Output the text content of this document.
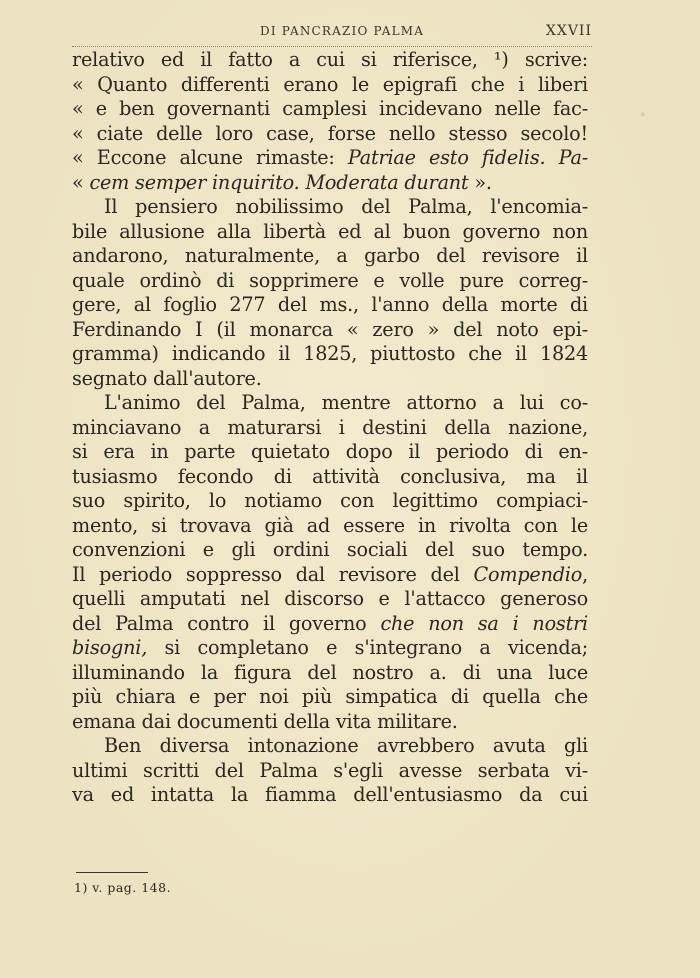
DI PANCRAZIO PALMA	XXVII
◦
relativo ed il fatto a cui si riferisce, ¹) scrive:
« Quanto differenti erano le epigrafi che i liberi
« e ben governanti camplesi incidevano nelle fac-
« ciate delle loro case, forse nello stesso secolo!
« Eccone alcune rimaste: Patriae esto fidelis. Pa-
« cem semper inquirito. Moderata durant ».
Il pensiero nobilissimo del Palma, l'encomia-
bile allusione alla libertà ed al buon governo non
andarono, naturalmente, a garbo del revisore il
quale ordinò di sopprimere e volle pure correg-
gere, al foglio 277 del ms., l'anno della morte di
Ferdinando I (il monarca « zero » del noto epi-
gramma) indicando il 1825, piuttosto che il 1824
segnato dall'autore.
L'animo del Palma, mentre attorno a lui co-
minciavano a maturarsi i destini della nazione,
si era in parte quietato dopo il periodo di en-
tusiasmo fecondo di attività conclusiva, ma il
suo spirito, lo notiamo con legittimo compiaci-
mento, si trovava già ad essere in rivolta con le
convenzioni e gli ordini sociali del suo tempo.
Il periodo soppresso dal revisore del Compendio,
quelli amputati nel discorso e l'attacco generoso
del Palma contro il governo che non sa i nostri
bisogni, si completano e s'integrano a vicenda;
illuminando la figura del nostro a. di una luce
più chiara e per noi più simpatica di quella che
emana dai documenti della vita militare.
Ben diversa intonazione avrebbero avuta gli
ultimi scritti del Palma s'egli avesse serbata vi-
va ed intatta la fiamma dell'entusiasmo da cui
1) v. pag. 148.
